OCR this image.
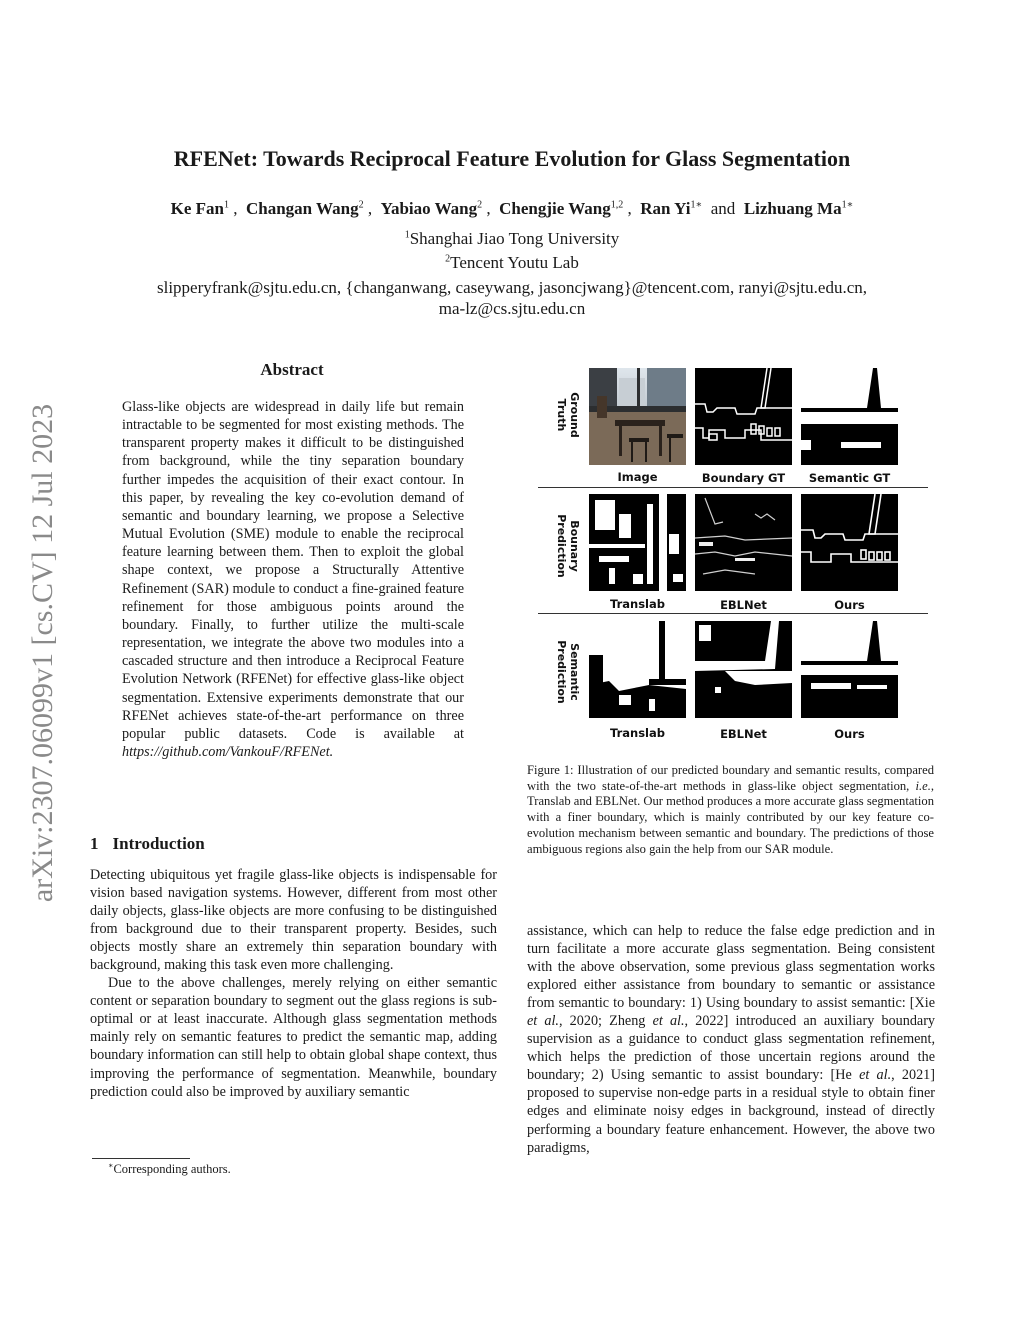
RFENet: Towards Reciprocal Feature Evolution for Glass Segmentation
Ke Fan$^1$ ,  Changan Wang$^2$ ,  Yabiao Wang$^2$ ,  Chengjie Wang$^{1,2}$ ,  Ran $Yi^{1∗}$  and  Lizhuang $Ma^{1∗}$
$^1$Shanghai Jiao Tong University
$^2$Tencent Youtu Lab
slipperyfrank@sjtu.edu.cn, {changanwang, caseywang, jasoncjwang}@tencent.com, ranyi@sjtu.edu.cn,
ma-lz@cs.sjtu.edu.cn
arXiv:2307.06099v1 [cs.CV] 12 Jul 2023
Abstract
Glass-like objects are widespread in daily life but remain intractable to be segmented for most existing methods. The transparent property makes it difficult to be distinguished from background, while the tiny separation boundary further impedes the acquisition of their exact contour. In this paper, by revealing the key co-evolution demand of semantic and boundary learning, we propose a Selective Mutual Evolution (SME) module to enable the reciprocal feature learning between them. Then to exploit the global shape context, we propose a Structurally Attentive Refinement (SAR) module to conduct a fine-grained feature refinement for those ambiguous points around the boundary. Finally, to further utilize the multi-scale representation, we integrate the above two modules into a cascaded structure and then introduce a Reciprocal Feature Evolution Network (RFENet) for effective glass-like object segmentation. Extensive experiments demonstrate that our RFENet achieves state-of-the-art performance on three popular public datasets. Code is available at https://github.com/VankouF/RFENet.
1 Introduction

Detecting ubiquitous yet fragile glass-like objects is indispensable for vision based navigation systems. However, different from most other daily objects, glass-like objects are more confusing to be distinguished from background due to their transparent property. Besides, such objects mostly share an extremely thin separation boundary with background, making this task even more challenging.

Due to the above challenges, merely relying on either semantic content or separation boundary to segment out the glass regions is sub-optimal or at least inaccurate. Although glass segmentation methods mainly rely on semantic features to predict the semantic map, adding boundary information can still help to obtain global shape context, thus improving the performance of segmentation. Meanwhile, boundary prediction could also be improved by auxiliary semantic

∗Corresponding authors.

assistance, which can help to reduce the false edge prediction and in turn facilitate a more accurate glass segmentation. Being consistent with the above observation, some previous glass segmentation works explored either assistance from boundary to semantic or assistance from semantic to boundary: 1) Using boundary to assist semantic: [Xie et al., 2020; Zheng et al., 2022] introduced an auxiliary boundary supervision as a guidance to conduct glass segmentation refinement, which helps the prediction of those uncertain regions around the boundary; 2) Using semantic to assist boundary: [He et al., 2021] proposed to supervise non-edge parts in a residual style to obtain finer edges and eliminate noisy edges in background, instead of directly performing a boundary feature enhancement. However, the above two paradigms,

Ground
Truth
Bounary
Prediction
Semantic
Prediction
Image	Boundary GT	Semantic GT
Translab	EBLNet	Ours
Translab	EBLNet	Ours
Figure 1: Illustration of our predicted boundary and semantic results, compared with the two state-of-the-art methods in glass-like object segmentation, i.e., Translab and EBLNet. Our method produces a more accurate glass segmentation with a finer boundary, which is mainly contributed by our key feature co-evolution mechanism between semantic and boundary. The predictions of those ambiguous regions also gain the help from our SAR module.
